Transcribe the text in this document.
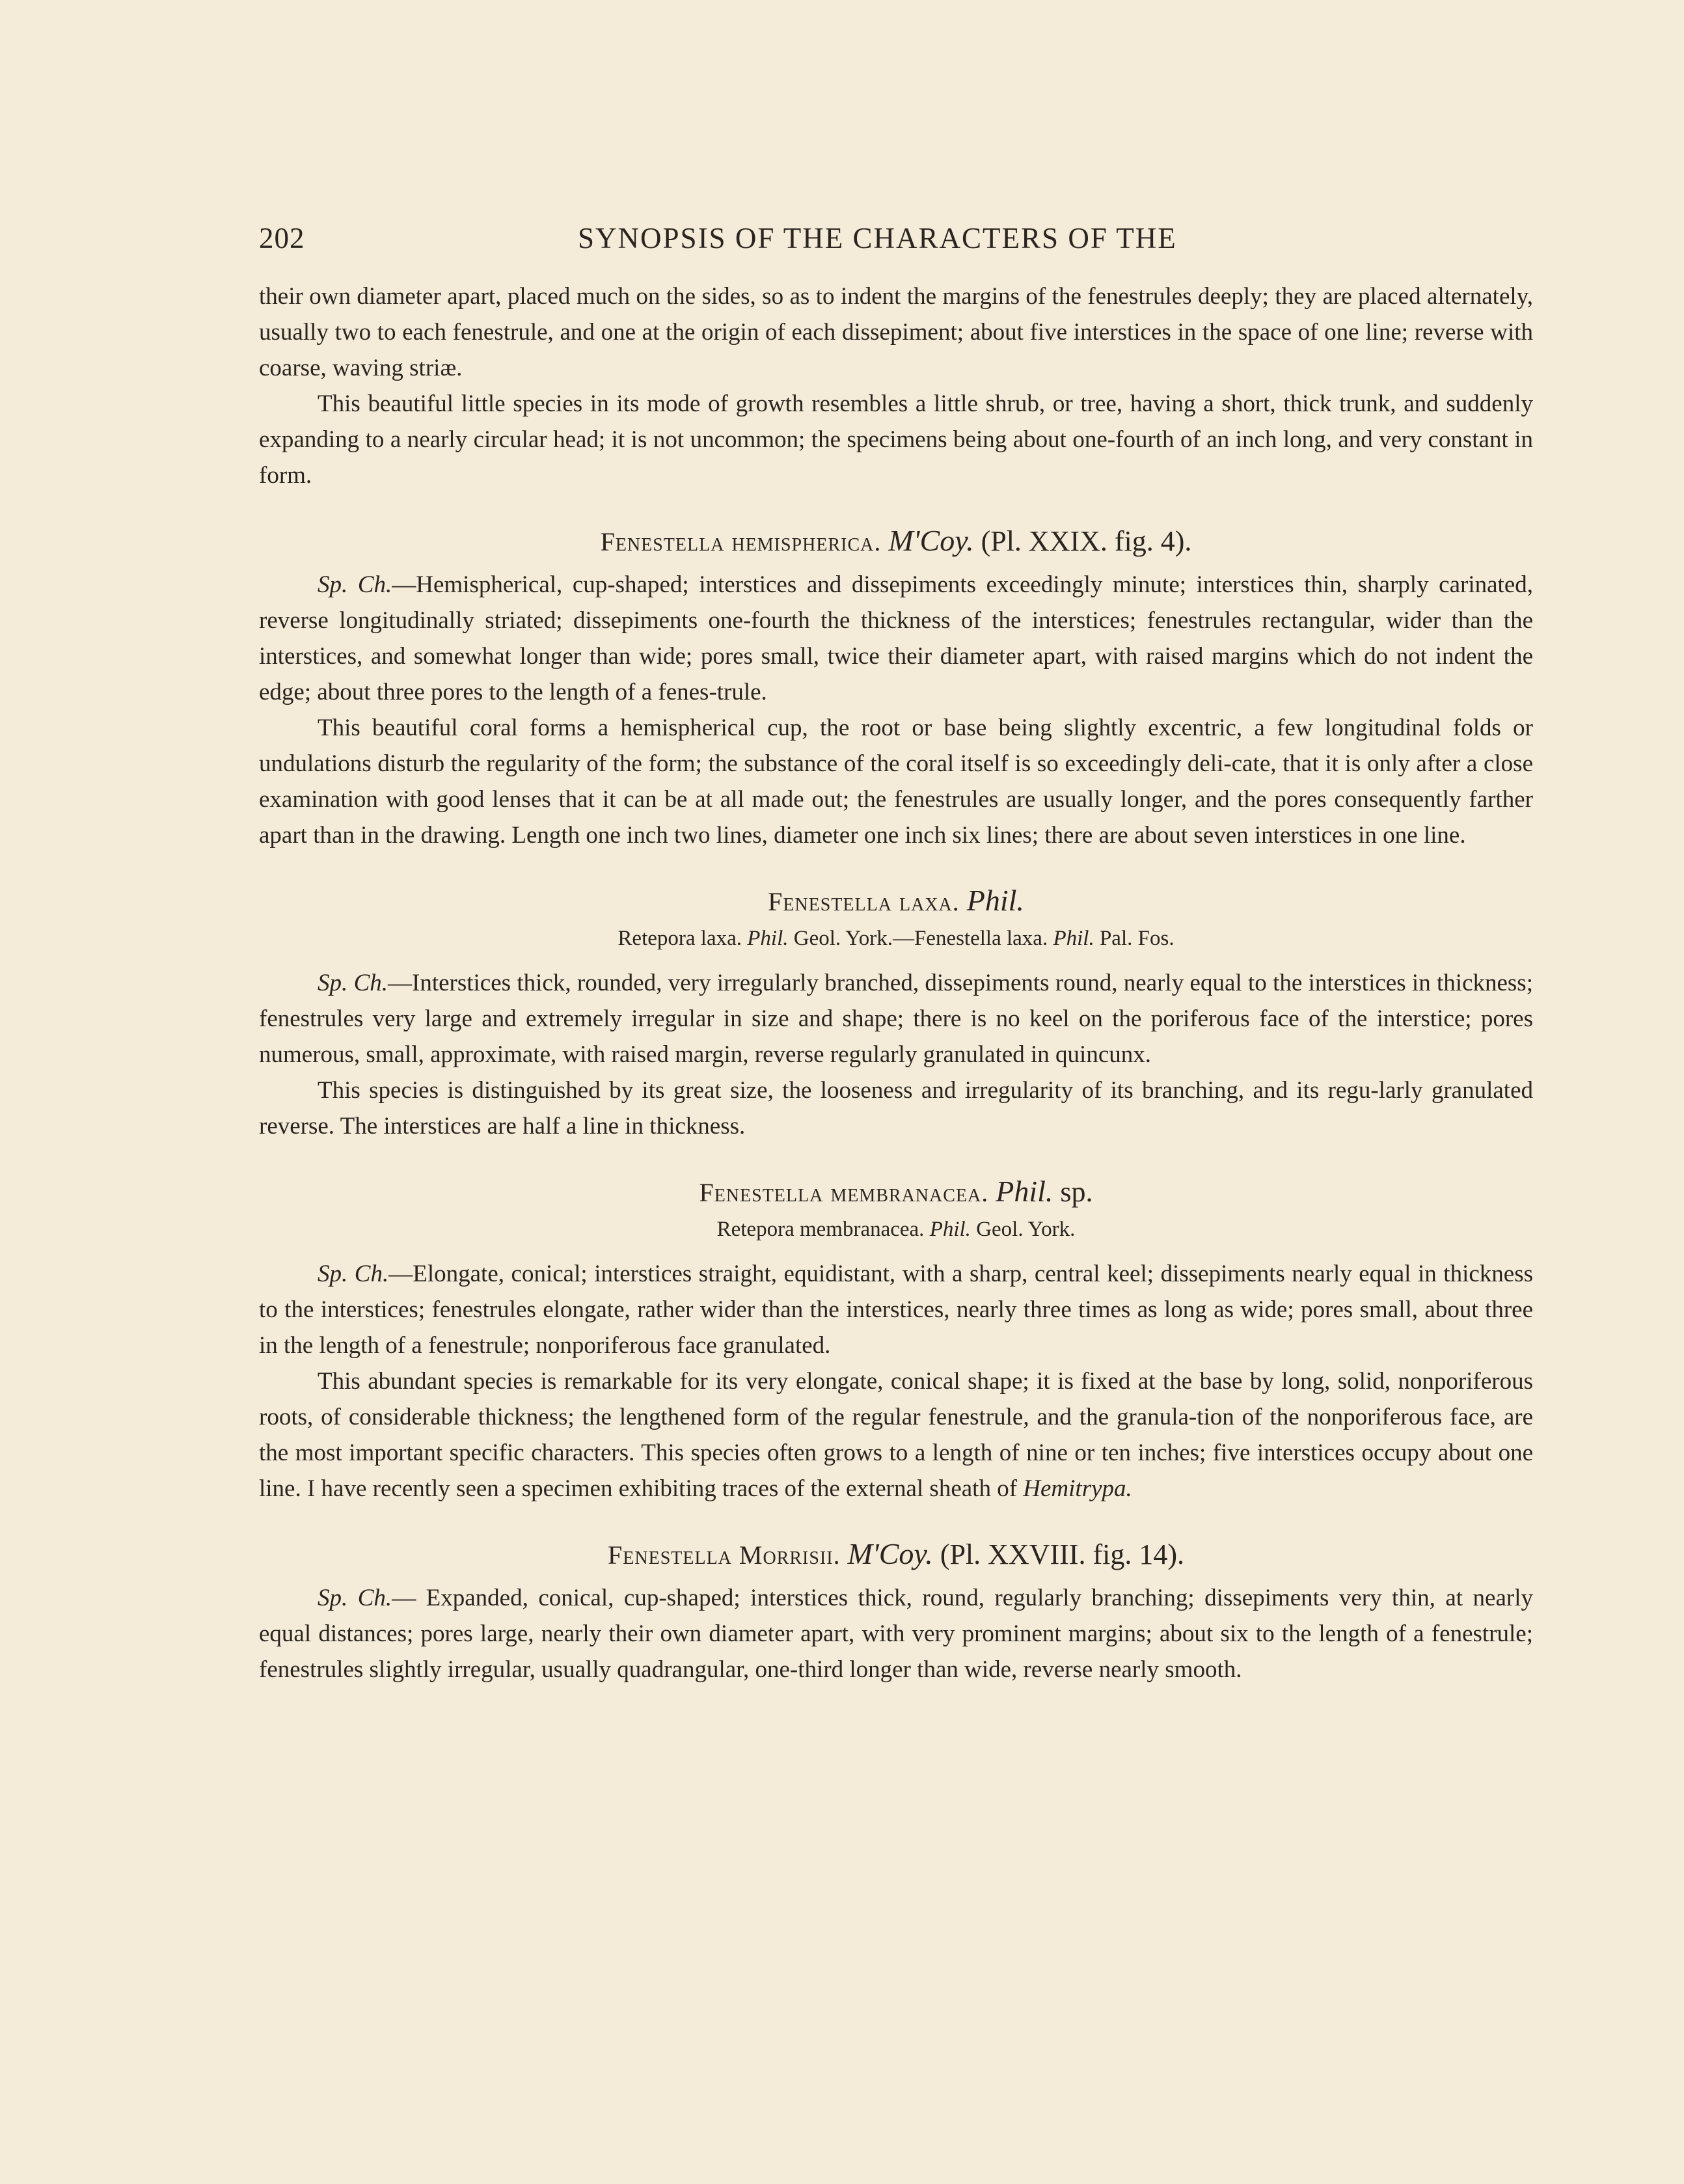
202	SYNOPSIS OF THE CHARACTERS OF THE

their own diameter apart, placed much on the sides, so as to indent the margins of the fenestrules deeply; they are placed alternately, usually two to each fenestrule, and one at the origin of each dissepiment; about five interstices in the space of one line; reverse with coarse, waving striæ.

This beautiful little species in its mode of growth resembles a little shrub, or tree, having a short, thick trunk, and suddenly expanding to a nearly circular head; it is not uncommon; the specimens being about one-fourth of an inch long, and very constant in form.

Fenestella hemispherica. M'Coy. (Pl. XXIX. fig. 4).

Sp. Ch.—Hemispherical, cup-shaped; interstices and dissepiments exceedingly minute; interstices thin, sharply carinated, reverse longitudinally striated; dissepiments one-fourth the thickness of the interstices; fenestrules rectangular, wider than the interstices, and somewhat longer than wide; pores small, twice their diameter apart, with raised margins which do not indent the edge; about three pores to the length of a fenes-trule.

This beautiful coral forms a hemispherical cup, the root or base being slightly excentric, a few longitudinal folds or undulations disturb the regularity of the form; the substance of the coral itself is so exceedingly deli-cate, that it is only after a close examination with good lenses that it can be at all made out; the fenestrules are usually longer, and the pores consequently farther apart than in the drawing. Length one inch two lines, diameter one inch six lines; there are about seven interstices in one line.

Fenestella laxa. Phil.
Retepora laxa. Phil. Geol. York.—Fenestella laxa. Phil. Pal. Fos.

Sp. Ch.—Interstices thick, rounded, very irregularly branched, dissepiments round, nearly equal to the interstices in thickness; fenestrules very large and extremely irregular in size and shape; there is no keel on the poriferous face of the interstice; pores numerous, small, approximate, with raised margin, reverse regularly granulated in quincunx.

This species is distinguished by its great size, the looseness and irregularity of its branching, and its regu-larly granulated reverse. The interstices are half a line in thickness.

Fenestella membranacea. Phil. sp.
Retepora membranacea. Phil. Geol. York.

Sp. Ch.—Elongate, conical; interstices straight, equidistant, with a sharp, central keel; dissepiments nearly equal in thickness to the interstices; fenestrules elongate, rather wider than the interstices, nearly three times as long as wide; pores small, about three in the length of a fenestrule; nonporiferous face granulated.

This abundant species is remarkable for its very elongate, conical shape; it is fixed at the base by long, solid, nonporiferous roots, of considerable thickness; the lengthened form of the regular fenestrule, and the granula-tion of the nonporiferous face, are the most important specific characters. This species often grows to a length of nine or ten inches; five interstices occupy about one line. I have recently seen a specimen exhibiting traces of the external sheath of Hemitrypa.

Fenestella Morrisii. M'Coy. (Pl. XXVIII. fig. 14).

Sp. Ch.— Expanded, conical, cup-shaped; interstices thick, round, regularly branching; dissepiments very thin, at nearly equal distances; pores large, nearly their own diameter apart, with very prominent margins; about six to the length of a fenestrule; fenestrules slightly irregular, usually quadrangular, one-third longer than wide, reverse nearly smooth.
